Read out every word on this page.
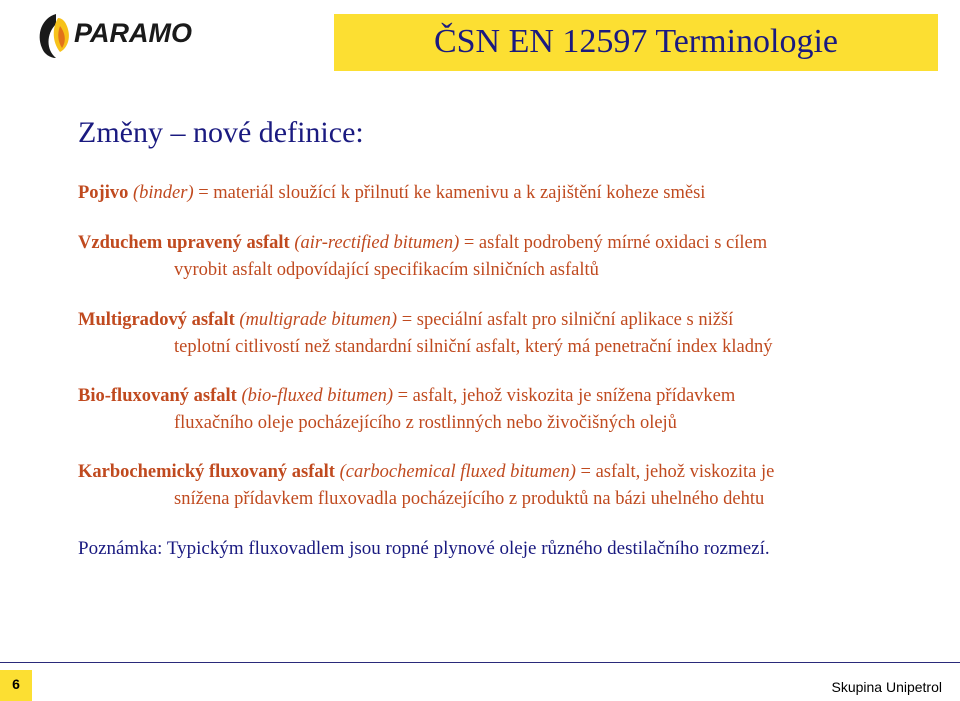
PARAMO	ČSN EN 12597 Terminologie
Změny – nové definice:
Pojivo (binder) = materiál sloužící k přilnutí ke kamenivu a k zajištění koheze směsi
Vzduchem upravený asfalt (air-rectified bitumen) = asfalt podrobený mírné oxidaci s cílem
vyrobit asfalt odpovídající specifikacím silničních asfaltů
Multigradový asfalt (multigrade bitumen) = speciální asfalt pro silniční aplikace s nižší
teplotní citlivostí než standardní silniční asfalt, který má penetrační index kladný
Bio-fluxovaný asfalt (bio-fluxed bitumen) = asfalt, jehož viskozita je snížena přídavkem
fluxačního oleje pocházejícího z rostlinných nebo živočišných olejů
Karbochemický fluxovaný asfalt (carbochemical fluxed bitumen) = asfalt, jehož viskozita je
snížena přídavkem fluxovadla pocházejícího z produktů na bázi uhelného dehtu
Poznámka: Typickým fluxovadlem jsou ropné plynové oleje různého destilačního rozmezí.
6	Skupina Unipetrol
